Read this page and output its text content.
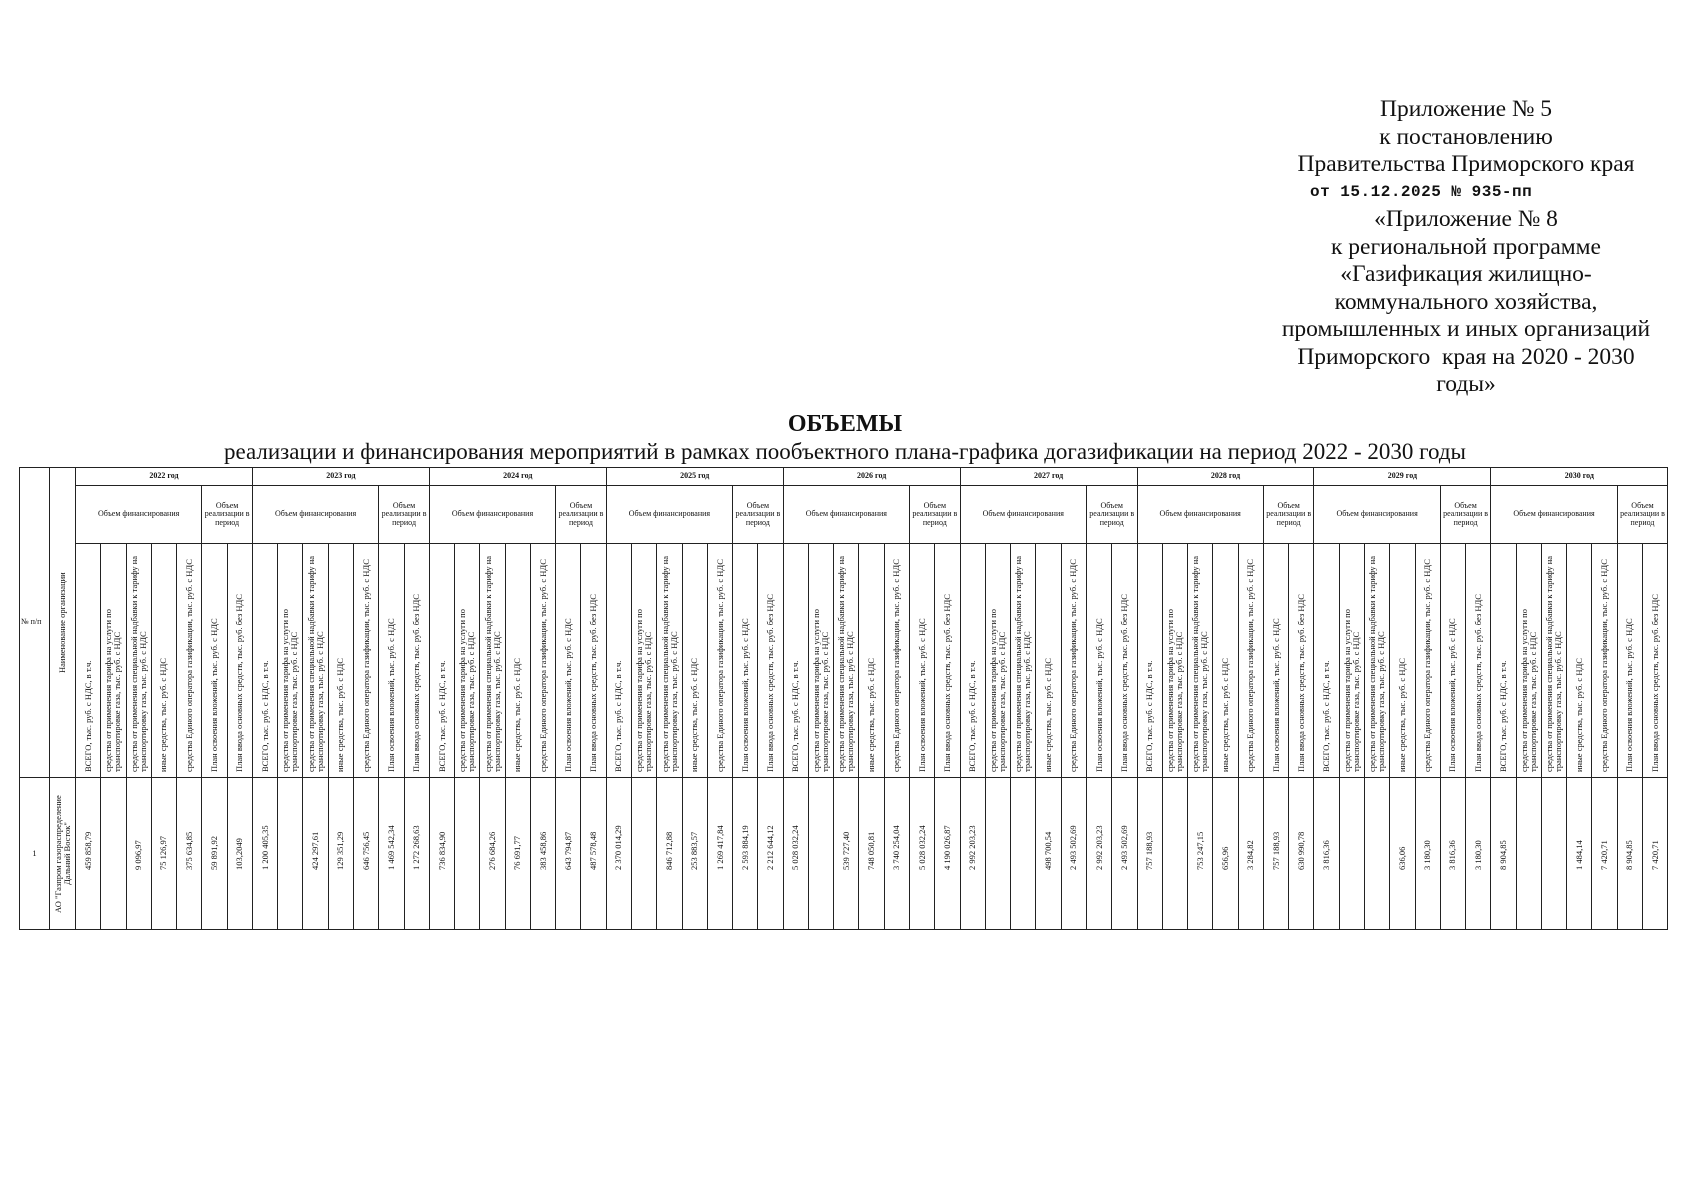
Приложение № 5
к постановлению
Правительства Приморского края
от 15.12.2025 № 935-пп
«Приложение № 8
к региональной программе
«Газификация жилищно-
коммунального хозяйства,
промышленных и иных организаций
Приморского  края на 2020 - 2030
годы»
ОБЪЕМЫ
реализации и финансирования мероприятий в рамках пообъектного плана-графика догазификации на период 2022 - 2030 годы
№ п/п	Наименование организации	2022 год	2023 год	2024 год	2025 год	2026 год	2027 год	2028 год	2029 год	2030 год
Объем финансирования	Объем реализации в период	Объем финансирования	Объем реализации в период	Объем финансирования	Объем реализации в период	Объем финансирования	Объем реализации в период	Объем финансирования	Объем реализации в период	Объем финансирования	Объем реализации в период	Объем финансирования	Объем реализации в период	Объем финансирования	Объем реализации в период	Объем финансирования	Объем реализации в период

ВСЕГО, тыс. руб. с НДС, в т.ч.	средства от применения тарифа на услуги по транспортировке газа, тыс. руб. с НДС	средства от применения специальной надбавки к тарифу на транспортировку газа, тыс. руб. с НДС	иные средства, тыс. руб. с НДС	средства Единого оператора газификации, тыс. руб. с НДС	План освоения вложений, тыс. руб. с НДС	План ввода основных средств, тыс. руб. без НДС	ВСЕГО, тыс. руб. с НДС, в т.ч.	средства от применения тарифа на услуги по транспортировке газа, тыс. руб. с НДС	средства от применения специальной надбавки к тарифу на транспортировку газа, тыс. руб. с НДС	иные средства, тыс. руб. с НДС	средства Единого оператора газификации, тыс. руб. с НДС	План освоения вложений, тыс. руб. с НДС	План ввода основных средств, тыс. руб. без НДС	ВСЕГО, тыс. руб. с НДС, в т.ч.	средства от применения тарифа на услуги по транспортировке газа, тыс. руб. с НДС	средства от применения специальной надбавки к тарифу на транспортировку газа, тыс. руб. с НДС	иные средства, тыс. руб. с НДС	средства Единого оператора газификации, тыс. руб. с НДС	План освоения вложений, тыс. руб. с НДС	План ввода основных средств, тыс. руб. без НДС	ВСЕГО, тыс. руб. с НДС, в т.ч.	средства от применения тарифа на услуги по транспортировке газа, тыс. руб. с НДС	средства от применения специальной надбавки к тарифу на транспортировку газа, тыс. руб. с НДС	иные средства, тыс. руб. с НДС	средства Единого оператора газификации, тыс. руб. с НДС	План освоения вложений, тыс. руб. с НДС	План ввода основных средств, тыс. руб. без НДС	ВСЕГО, тыс. руб. с НДС, в т.ч.	средства от применения тарифа на услуги по транспортировке газа, тыс. руб. с НДС	средства от применения специальной надбавки к тарифу на транспортировку газа, тыс. руб. с НДС	иные средства, тыс. руб. с НДС	средства Единого оператора газификации, тыс. руб. с НДС	План освоения вложений, тыс. руб. с НДС	План ввода основных средств, тыс. руб. без НДС	ВСЕГО, тыс. руб. с НДС, в т.ч.	средства от применения тарифа на услуги по транспортировке газа, тыс. руб. с НДС	средства от применения специальной надбавки к тарифу на транспортировку газа, тыс. руб. с НДС	иные средства, тыс. руб. с НДС	средства Единого оператора газификации, тыс. руб. с НДС	План освоения вложений, тыс. руб. с НДС	План ввода основных средств, тыс. руб. без НДС	ВСЕГО, тыс. руб. с НДС, в т.ч.	средства от применения тарифа на услуги по транспортировке газа, тыс. руб. с НДС	средства от применения специальной надбавки к тарифу на транспортировку газа, тыс. руб. с НДС	иные средства, тыс. руб. с НДС	средства Единого оператора газификации, тыс. руб. с НДС	План освоения вложений, тыс. руб. с НДС	План ввода основных средств, тыс. руб. без НДС	ВСЕГО, тыс. руб. с НДС, в т.ч.	средства от применения тарифа на услуги по транспортировке газа, тыс. руб. с НДС	средства от применения специальной надбавки к тарифу на транспортировку газа, тыс. руб. с НДС	иные средства, тыс. руб. с НДС	средства Единого оператора газификации, тыс. руб. с НДС	План освоения вложений, тыс. руб. с НДС	План ввода основных средств, тыс. руб. без НДС	ВСЕГО, тыс. руб. с НДС, в т.ч.	средства от применения тарифа на услуги по транспортировке газа, тыс. руб. с НДС	средства от применения специальной надбавки к тарифу на транспортировку газа, тыс. руб. с НДС	иные средства, тыс. руб. с НДС	средства Единого оператора газификации, тыс. руб. с НДС	План освоения вложений, тыс. руб. с НДС	План ввода основных средств, тыс. руб. без НДС

1	АО "Газпром газораспределение Дальний Восток"	459 858,79		9 096,97	75 126,97	375 634,85	59 891,92	103,2049	1 200 405,35		424 297,61	129 351,29	646 756,45	1 469 542,34	1 272 268,63	736 834,90		276 684,26	76 691,77	383 458,86	643 794,87	487 578,48	2 370 014,29		846 712,88	253 883,57	1 269 417,84	2 593 884,19	2 212 644,12	5 028 032,24		539 727,40	748 050,81	3 740 254,04	5 028 032,24	4 190 026,87	2 992 203,23			498 700,54	2 493 502,69	2 992 203,23	2 493 502,69	757 188,93		753 247,15	656,96	3 284,82	757 188,93	630 990,78	3 816,36			636,06	3 180,30	3 816,36	3 180,30	8 904,85			1 484,14	7 420,71	8 904,85	7 420,71
